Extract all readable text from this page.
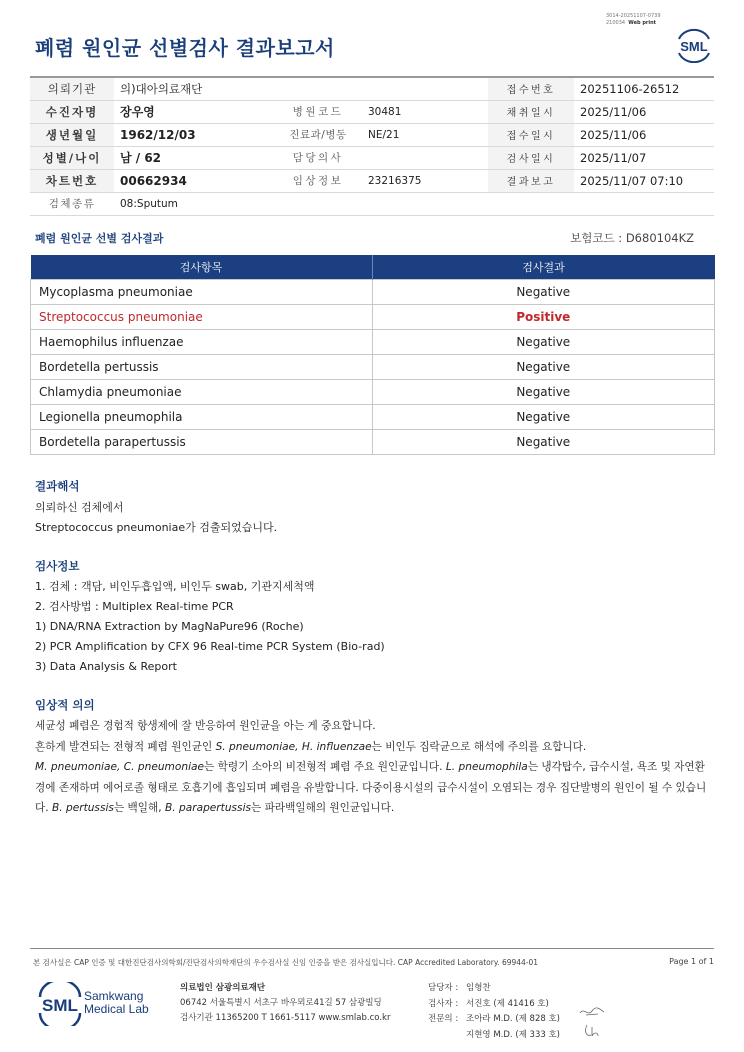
폐렴 원인균 선별검사 결과보고서
3014-20251107-0739
210034 Web print
SML
의뢰기관	의)대아의료재단			접수번호	20251106-26512
수진자명	장우영	병원코드	30481	채취일시	2025/11/06
생년월일	1962/12/03	진료과/병동	NE/21	접수일시	2025/11/06
성별/나이	남 / 62	담당의사		검사일시	2025/11/07
차트번호	00662934	임상정보	23216375	결과보고	2025/11/07 07:10
검체종류	08:Sputum				
폐렴 원인균 선별 검사결과	보험코드 : D680104KZ
검사항목	검사결과
Mycoplasma pneumoniae	Negative
Streptococcus pneumoniae	Positive
Haemophilus influenzae	Negative
Bordetella pertussis	Negative
Chlamydia pneumoniae	Negative
Legionella pneumophila	Negative
Bordetella parapertussis	Negative
결과해석
의뢰하신 검체에서
Streptococcus pneumoniae가 검출되었습니다.
검사정보
1. 검체 : 객담, 비인두흡입액, 비인두 swab, 기관지세척액
2. 검사방법 : Multiplex Real-time PCR
1) DNA/RNA Extraction by MagNaPure96 (Roche)
2) PCR Amplification by CFX 96 Real-time PCR System (Bio-rad)
3) Data Analysis & Report
임상적 의의
세균성 폐렴은 경험적 항생제에 잘 반응하여 원인균을 아는 게 중요합니다.
흔하게 발견되는 전형적 폐렴 원인균인 S. pneumoniae, H. influenzae는 비인두 집락균으로 해석에 주의를 요합니다.
M. pneumoniae, C. pneumoniae는 학령기 소아의 비전형적 폐렴 주요 원인균입니다. L. pneumophila는 냉각탑수, 급수시설, 욕조 및 자연환경에 존재하며 에어로졸 형태로 호흡기에 흡입되며 폐렴을 유발합니다. 다중이용시설의 급수시설이 오염되는 경우 집단발병의 원인이 될 수 있습니다. B. pertussis는 백일해, B. parapertussis는 파라백일해의 원인균입니다.
본 검사실은 CAP 인증 및 대한진단검사의학회/진단검사의학재단의 우수검사실 신임 인증을 받은 검사실입니다. CAP Accredited Laboratory. 69944-01	Page 1 of 1
SML Samkwang
Medical Lab
의료법인 삼광의료재단
06742 서울특별시 서초구 바우뫼로41길 57 삼광빌딩
검사기관 11365200 T 1661-5117 www.smlab.co.kr
담당자 : 임형찬
검사자 : 서진호 (제 41416 호)
전문의 : 조아라 M.D. (제 828 호)
지현영 M.D. (제 333 호)
